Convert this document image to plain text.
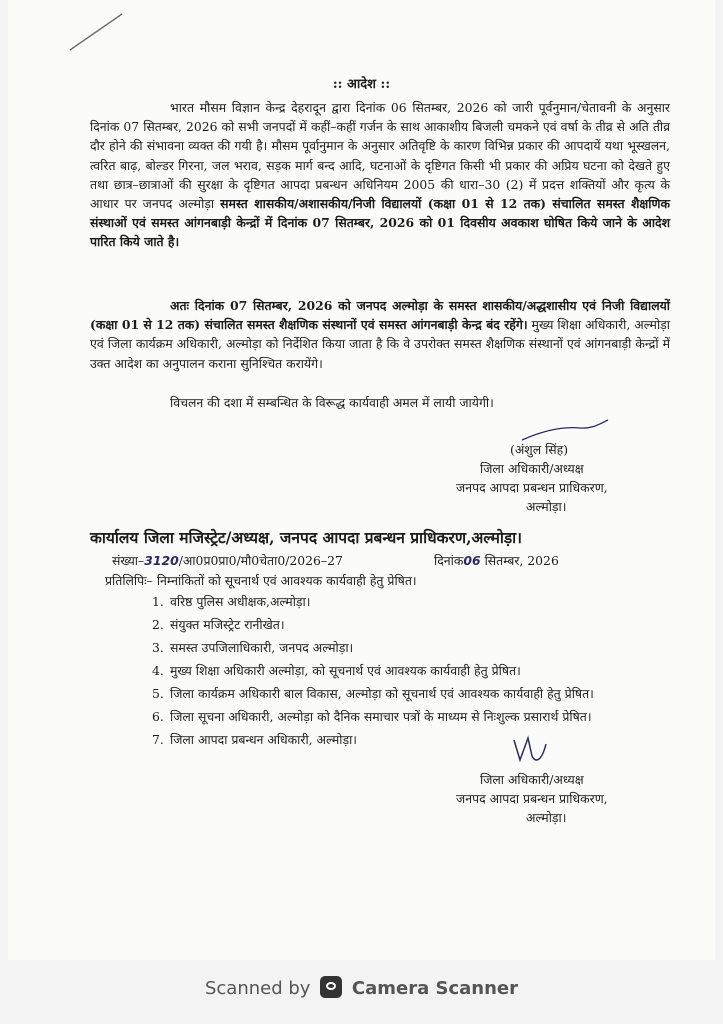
:: आदेश ::
भारत मौसम विज्ञान केन्द्र देहरादून द्वारा दिनांक 06 सितम्बर, 2026 को जारी पूर्वनुमान/चेतावनी के अनुसार दिनांक 07 सितम्बर, 2026 को सभी जनपदों में कहीं–कहीं गर्जन के साथ आकाशीय बिजली चमकने एवं वर्षा के तीव्र से अति तीव्र दौर होने की संभावना व्यक्त की गयी है। मौसम पूर्वानुमान के अनुसार अतिवृष्टि के कारण विभिन्न प्रकार की आपदायें यथा भूस्खलन, त्वरित बाढ़, बोल्डर गिरना, जल भराव, सड़क मार्ग बन्द आदि, घटनाओं के दृष्टिगत किसी भी प्रकार की अप्रिय घटना को देखते हुए तथा छात्र–छात्राओं की सुरक्षा के दृष्टिगत आपदा प्रबन्धन अधिनियम 2005 की धारा–30 (2) में प्रदत्त शक्तियों और कृत्य के आधार पर जनपद अल्मोड़ा समस्त शासकीय/अशासकीय/निजी विद्यालयों (कक्षा 01 से 12 तक) संचालित समस्त शैक्षणिक संस्थाओं एवं समस्त आंगनबाड़ी केन्द्रों में दिनांक 07 सितम्बर, 2026 को 01 दिवसीय अवकाश घोषित किये जाने के आदेश पारित किये जाते है।
अतः दिनांक 07 सितम्बर, 2026 को जनपद अल्मोड़ा के समस्त शासकीय/अद्धशासीय एवं निजी विद्यालयों (कक्षा 01 से 12 तक) संचालित समस्त शैक्षणिक संस्थानों एवं समस्त आंगनबाड़ी केन्द्र बंद रहेंगे। मुख्य शिक्षा अधिकारी, अल्मोड़ा एवं जिला कार्यक्रम अधिकारी, अल्मोड़ा को निर्देशित किया जाता है कि वे उपरोक्त समस्त शैक्षणिक संस्थानों एवं आंगनबाड़ी केन्द्रों में उक्त आदेश का अनुपालन कराना सुनिश्चित करायेंगे।
विचलन की दशा में सम्बन्धित के विरूद्ध कार्यवाही अमल में लायी जायेगी।
(अंशुल सिंह)
जिला अधिकारी/अध्यक्ष
जनपद आपदा प्रबन्धन प्राधिकरण,
अल्मोड़ा।
कार्यालय जिला मजिस्ट्रेट/अध्यक्ष, जनपद आपदा प्रबन्धन प्राधिकरण,अल्मोड़ा।
संख्या–3120/आ0प्र0प्रा0/मौ0चेता0/2026–27	दिनांक06 सितम्बर, 2026
प्रतिलिपिः– निम्नांकितों को सूचनार्थ एवं आवश्यक कार्यवाही हेतु प्रेषित।
1. वरिष्ठ पुलिस अधीक्षक,अल्मोड़ा।
2. संयुक्त मजिस्ट्रेट रानीखेत।
3. समस्त उपजिलाधिकारी, जनपद अल्मोड़ा।
4. मुख्य शिक्षा अधिकारी अल्मोड़ा, को सूचनार्थ एवं आवश्यक कार्यवाही हेतु प्रेषित।
5. जिला कार्यक्रम अधिकारी बाल विकास, अल्मोड़ा को सूचनार्थ एवं आवश्यक कार्यवाही हेतु प्रेषित।
6. जिला सूचना अधिकारी, अल्मोड़ा को दैनिक समाचार पत्रों के माध्यम से निःशुल्क प्रसारार्थ प्रेषित।
7. जिला आपदा प्रबन्धन अधिकारी, अल्मोड़ा।
जिला अधिकारी/अध्यक्ष
जनपद आपदा प्रबन्धन प्राधिकरण,
अल्मोड़ा।
Scanned by Camera Scanner
